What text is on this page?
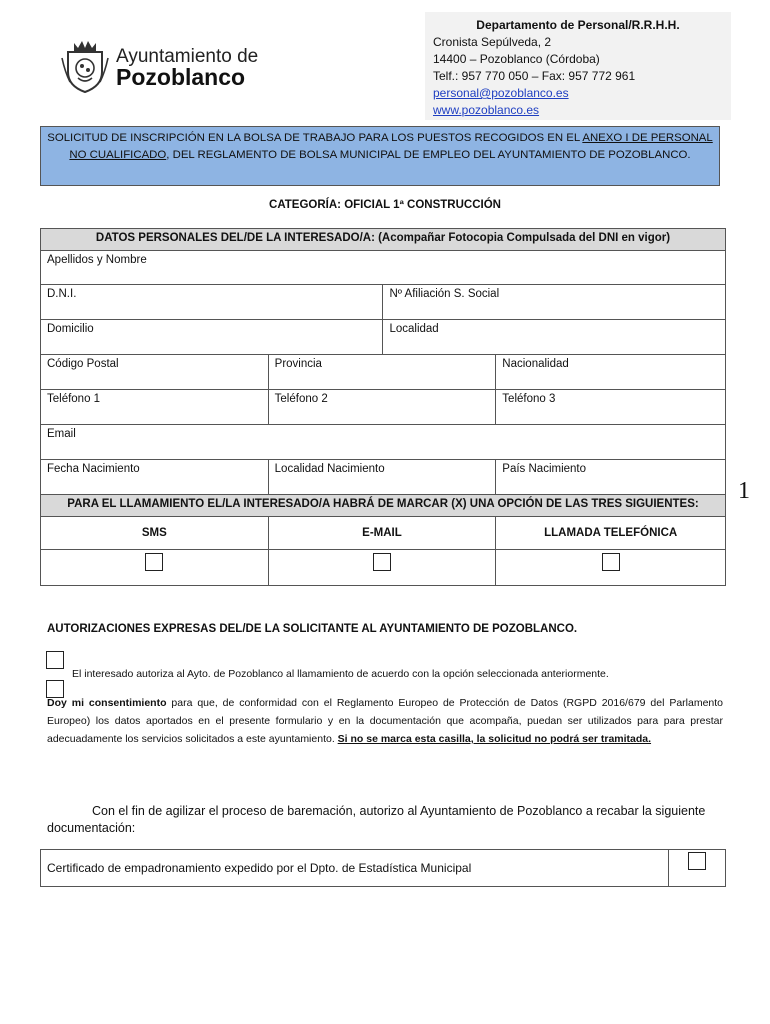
Ayuntamiento de
Pozoblanco
Departamento de Personal/R.R.H.H.
Cronista Sepúlveda, 2
14400 – Pozoblanco (Córdoba)
Telf.: 957 770 050 – Fax: 957 772 961
personal@pozoblanco.es
www.pozoblanco.es
SOLICITUD DE INSCRIPCIÓN EN LA BOLSA DE TRABAJO PARA LOS PUESTOS RECOGIDOS EN EL ANEXO I DE PERSONAL NO CUALIFICADO, DEL REGLAMENTO DE BOLSA MUNICIPAL DE EMPLEO DEL AYUNTAMIENTO DE POZOBLANCO.
CATEGORÍA: OFICIAL 1ª CONSTRUCCIÓN
DATOS PERSONALES DEL/DE LA INTERESADO/A: (Acompañar Fotocopia Compulsada del DNI en vigor)			
Apellidos y Nombre			
D.N.I.		Nº Afiliación S. Social	
Domicilio		Localidad	
Código Postal	Provincia		Nacionalidad
Teléfono 1	Teléfono 2		Teléfono 3
Email			
Fecha Nacimiento	Localidad Nacimiento		País Nacimiento
PARA EL LLAMAMIENTO EL/LA INTERESADO/A HABRÁ DE MARCAR (X) UNA OPCIÓN DE LAS TRES SIGUIENTES:			
SMS	E-MAIL		LLAMADA TELEFÓNICA

1
AUTORIZACIONES EXPRESAS DEL/DE LA SOLICITANTE AL AYUNTAMIENTO DE POZOBLANCO.
El interesado autoriza al Ayto. de Pozoblanco al llamamiento de acuerdo con la opción seleccionada anteriormente.
Doy mi consentimiento para que, de conformidad con el Reglamento Europeo de Protección de Datos (RGPD 2016/679 del Parlamento Europeo) los datos aportados en el presente formulario y en la documentación que acompaña, puedan ser utilizados para para prestar adecuadamente los servicios solicitados a este ayuntamiento. Si no se marca esta casilla, la solicitud no podrá ser tramitada.
Con el fin de agilizar el proceso de baremación, autorizo al Ayuntamiento de Pozoblanco a recabar la siguiente documentación:
Certificado de empadronamiento expedido por el Dpto. de Estadística Municipal	
